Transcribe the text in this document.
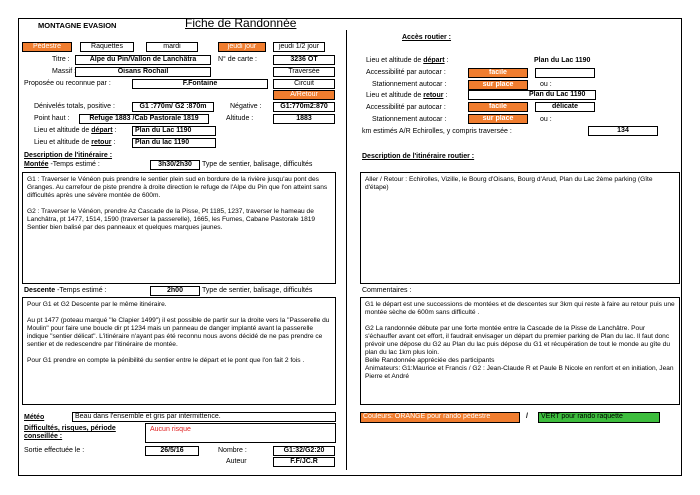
MONTAGNE EVASION	Fiche de Randonnée
Pédestre	Raquettes	mardi	jeudi jour	jeudi 1/2 jour
Titre :	Alpe du Pin/Vallon de Lanchâtra	N° de carte :	3236 OT
Massif :	Oisans Rochail	Traversée
Proposée ou reconnue par :	F.Fontaine	Circuit
A/Retour
Dénivelés totals, positive :	G1 :770m/ G2 :870m	Négative :	G1:770m2:870
Point haut :	Refuge 1883 /Cab Pastorale 1819	Altitude :	1883
Lieu et altitude de départ :	Plan du Lac 1190
Lieu et altitude de retour :	Plan du lac 1190
Description de l'itinéraire :
Montée -Temps estimé :	3h30/2h30	Type de sentier, balisage, difficultés

G1 : Traverser le Vénéon puis prendre le sentier plein sud en bordure de la rivière jusqu'au pont des Granges. Au carrefour de piste prendre à droite direction le refuge de l'Alpe du Pin que l'on atteint sans difficultés après une sévère montée de 600m.

G2 : Traverser le Vénéon, prendre Az Cascade de la Pisse, Pt 1185, 1237, traverser le hameau de Lanchâtra, pt 1477, 1514, 1590 (traverser la passerelle), 1665, les Fumes, Cabane Pastorale 1819
Sentier bien balisé par des panneaux et quelques marques jaunes.

Descente -Temps estimé :	2h00	Type de sentier, balisage, difficultés

Pour G1 et G2 Descente par le même itinéraire.

Au pt 1477 (poteau marqué "le Clapier 1499") il est possible de partir sur la droite vers la "Passerelle du Moulin" pour faire une boucle dir pt 1234 mais un panneau de danger implanté avant la passerelle indique "sentier délicat". L'itinéraire n'ayant pas été reconnu nous avons décidé de ne pas prendre ce sentier et de redescendre par l'itinéraire de montée.

Pour G1 prendre en compte la pénibilité du sentier entre le départ et le pont que l'on fait 2 fois .

Météo	Beau dans l'ensemble et gris par intermittence.
Difficultés, risques, période conseillée :
Aucun risque
Sortie effectuée le :	26/5/16	Nombre :	G1:32/G2:20
Auteur	F.F/JC.R
Accès routier :
Lieu et altitude de départ :	Plan du Lac 1190
Accessibilité par autocar :	facile
Stationnement autocar :	sur place	ou :
Lieu et altitude de retour :	Plan du Lac 1190
Accessibilité par autocar :	facile	délicate
Stationnement autocar :	sur place	ou :
km estimés A/R Echirolles, y compris traversée :	134
Description de l'itinéraire routier :

Aller / Retour : Echirolles, Vizille, le Bourg d'Oisans, Bourg d'Arud, Plan du Lac 2ème parking (Gîte d'étape)

Commentaires :

G1 le départ est une successions de montées et de descentes sur 3km qui reste à faire au retour puis une montée sèche de 600m sans difficulté .

G2 La randonnée débute par une forte montée entre la Cascade de la Pisse de Lanchâtre. Pour s'échauffer avant cet effort, il faudrait envisager un départ du premier parking de Plan du lac. Il faut donc prévoir une dépose du G2 au Plan du lac puis dépose du G1 et récupération de tout le monde au gîte du plan du lac 1km plus loin.
Belle Randonnée appréciée des participants
Animateurs: G1:Maurice et Francis / G2 : Jean-Claude R et Paule B Nicole en renfort et en initiation, Jean Pierre et André

Couleurs: ORANGE pour rando pédestre	/	VERT pour rando raquette
